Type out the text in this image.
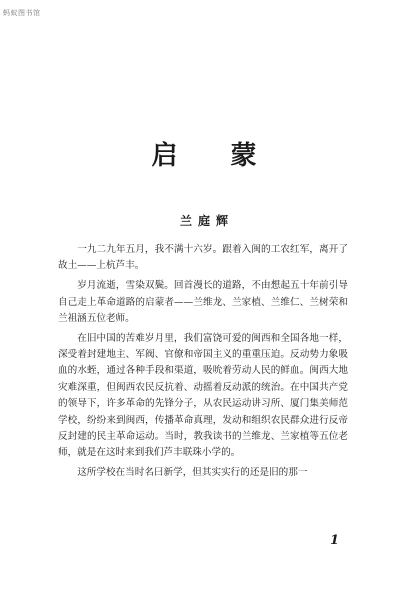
蚂蚁图书馆
启 蒙
兰庭辉

一九二九年五月，我不满十六岁。跟着入闽的工农红军，离开了故土——上杭芦丰。

岁月流逝，雪染双鬓。回首漫长的道路，不由想起五十年前引导自己走上革命道路的启蒙者——兰维龙、兰家植、兰维仁、兰树荣和兰祖涵五位老师。

在旧中国的苦难岁月里，我们富饶可爱的闽西和全国各地一样，深受着封建地主、军阀、官僚和帝国主义的重重压迫。反动势力象吸血的水蛭，通过各种手段和渠道，吸吮着劳动人民的鲜血。闽西大地灾难深重，但闽西农民反抗着、动摇着反动派的统治。在中国共产党的领导下，许多革命的先锋分子，从农民运动讲习所、厦门集美师范学校，纷纷来到闽西，传播革命真理，发动和组织农民群众进行反帝反封建的民主革命运动。当时，教我读书的兰维龙、兰家植等五位老师，就是在这时来到我们芦丰联珠小学的。

这所学校在当时名曰新学，但其实实行的还是旧的那一

1
